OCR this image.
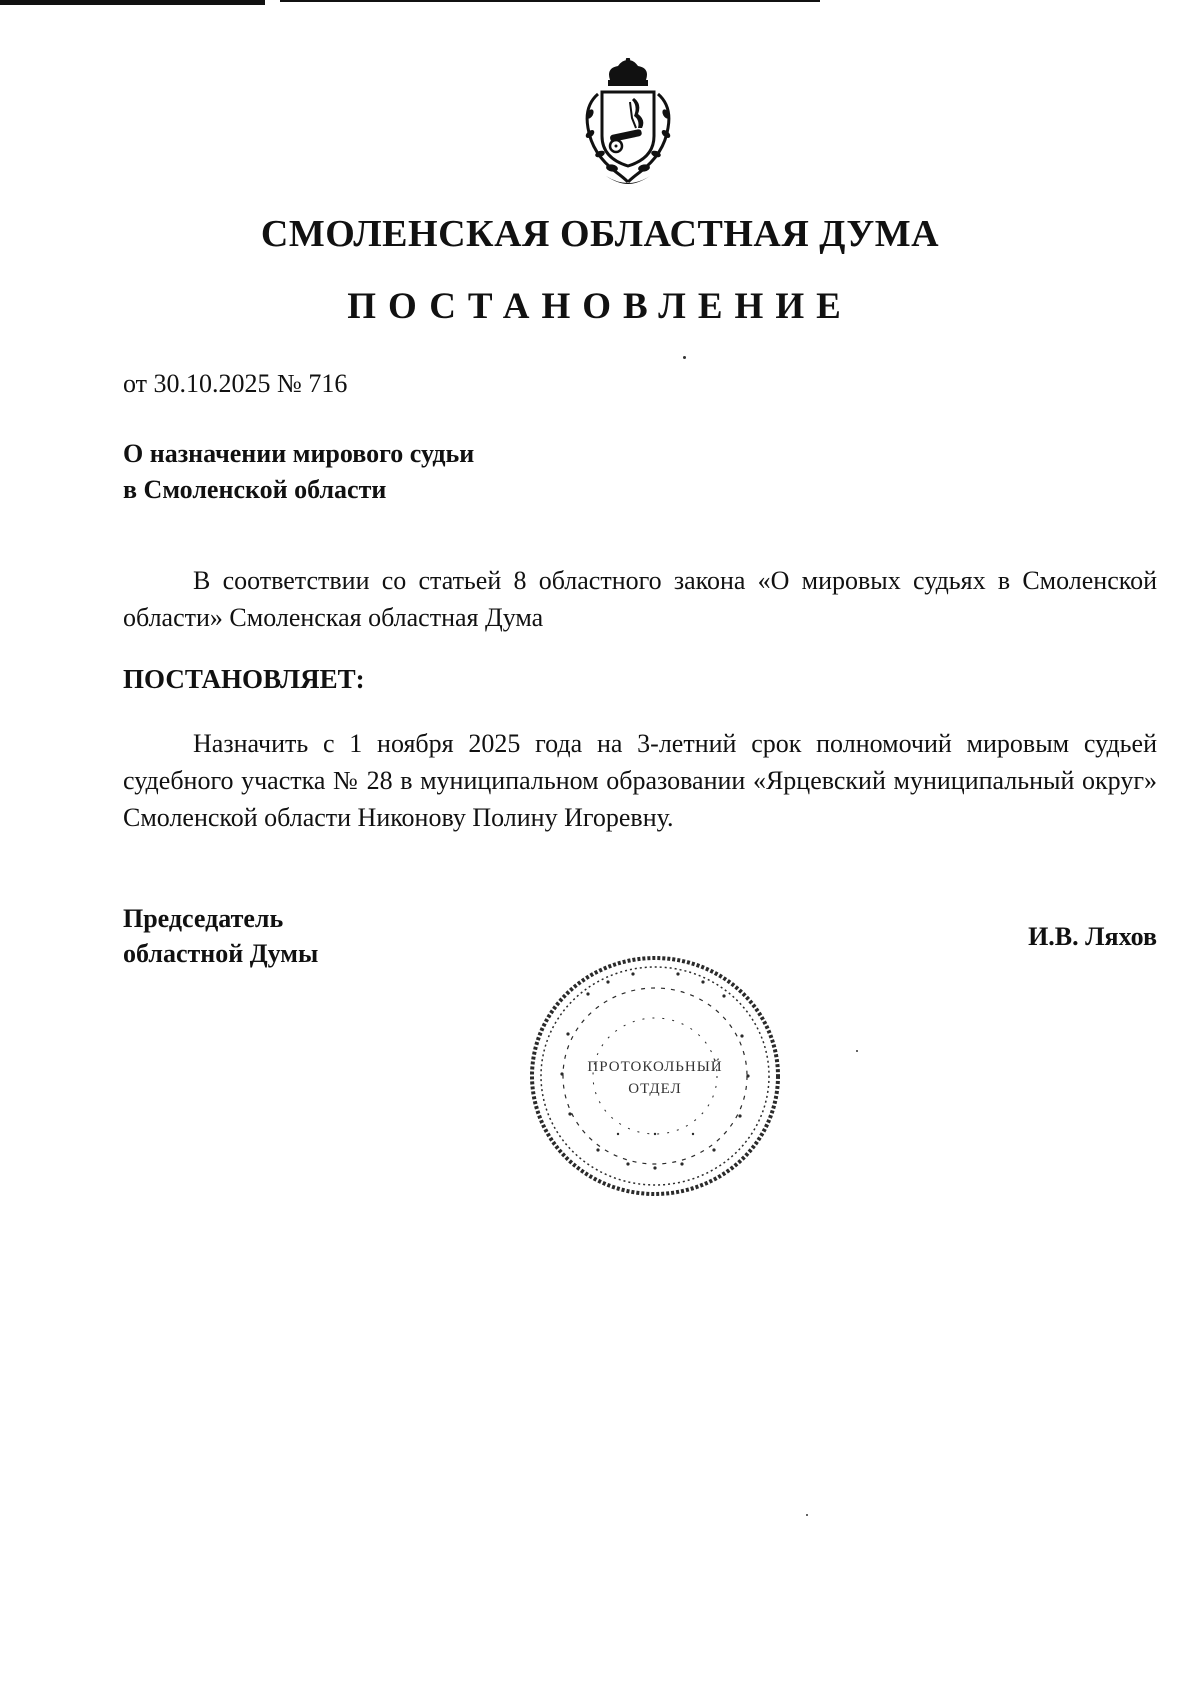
СМОЛЕНСКАЯ ОБЛАСТНАЯ ДУМА
ПОСТАНОВЛЕНИЕ
от 30.10.2025 № 716
О назначении мирового судьи
в Смоленской области
В соответствии со статьей 8 областного закона «О мировых судьях в Смоленской области» Смоленская областная Дума
ПОСТАНОВЛЯЕТ:
Назначить с 1 ноября 2025 года на 3-летний срок полномочий мировым судьей судебного участка № 28 в муниципальном образовании «Ярцевский муниципальный округ» Смоленской области Никонову Полину Игоревну.
Председатель
областной Думы
И.В. Ляхов
ПРОТОКОЛЬНЫЙ
ОТДЕЛ
